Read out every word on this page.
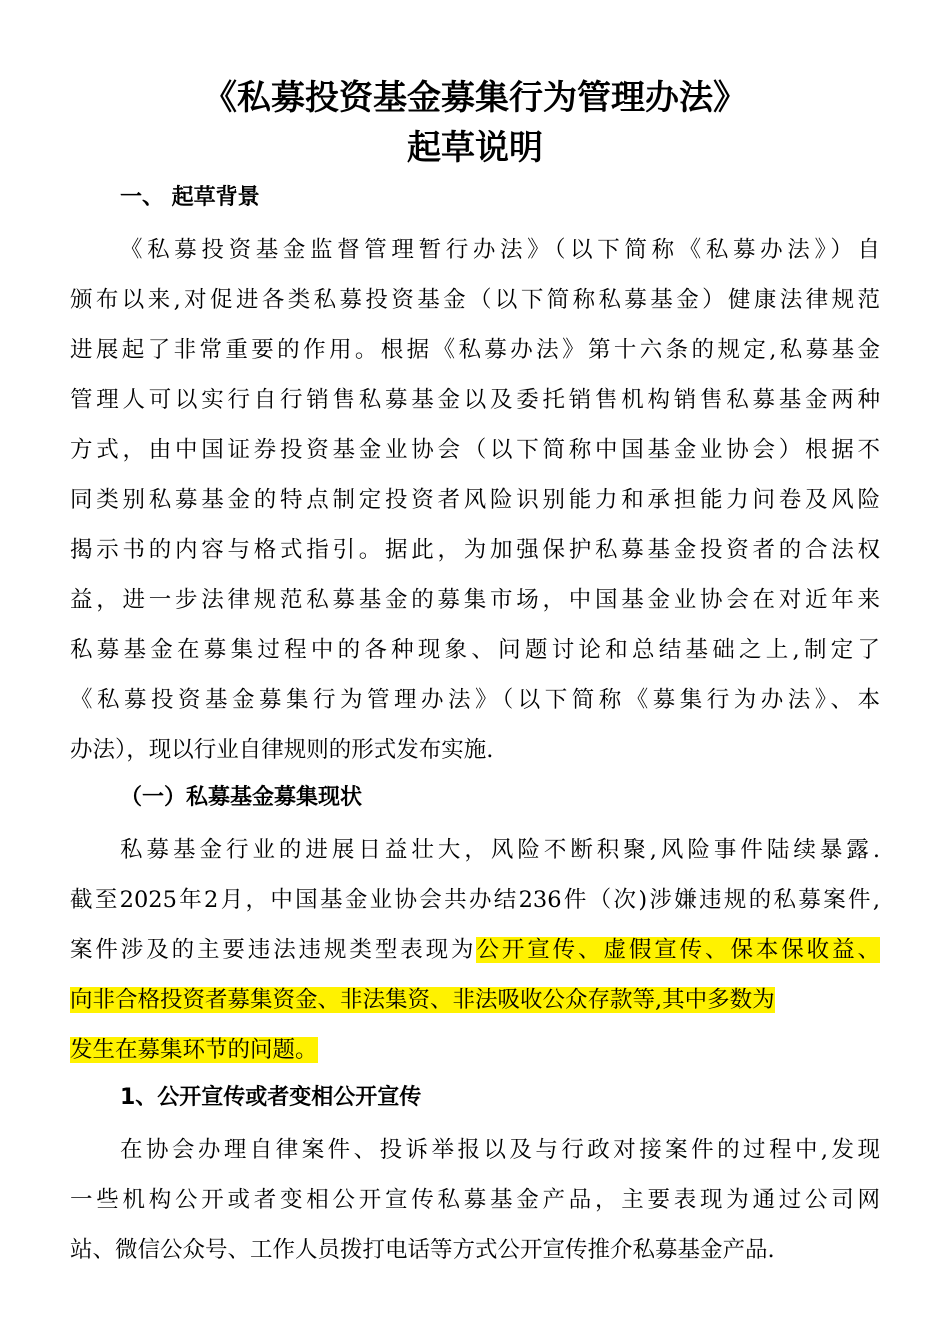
《私募投资基金募集行为管理办法》
起草说明
一、 起草背景
《私募投资基金监督管理暂行办法》（以下简称《私募办法》）自
颁布以来,对促进各类私募投资基金（以下简称私募基金）健康法律规范
进展起了非常重要的作用。根据《私募办法》第十六条的规定,私募基金
管理人可以实行自行销售私募基金以及委托销售机构销售私募基金两种
方式，由中国证券投资基金业协会（以下简称中国基金业协会）根据不
同类别私募基金的特点制定投资者风险识别能力和承担能力问卷及风险
揭示书的内容与格式指引。据此，为加强保护私募基金投资者的合法权
益，进一步法律规范私募基金的募集市场，中国基金业协会在对近年来
私募基金在募集过程中的各种现象、问题讨论和总结基础之上,制定了
《私募投资基金募集行为管理办法》（以下简称《募集行为办法》、本
办法），现以行业自律规则的形式发布实施.
（一）私募基金募集现状
私募基金行业的进展日益壮大，风险不断积聚,风险事件陆续暴露.
截至2025年2月，中国基金业协会共办结236件（次)涉嫌违规的私募案件,
案件涉及的主要违法违规类型表现为公开宣传、虚假宣传、保本保收益、
向非合格投资者募集资金、非法集资、非法吸收公众存款等,其中多数为
发生在募集环节的问题。
1、公开宣传或者变相公开宣传
在协会办理自律案件、投诉举报以及与行政对接案件的过程中,发现
一些机构公开或者变相公开宣传私募基金产品，主要表现为通过公司网
站、微信公众号、工作人员拨打电话等方式公开宣传推介私募基金产品.
